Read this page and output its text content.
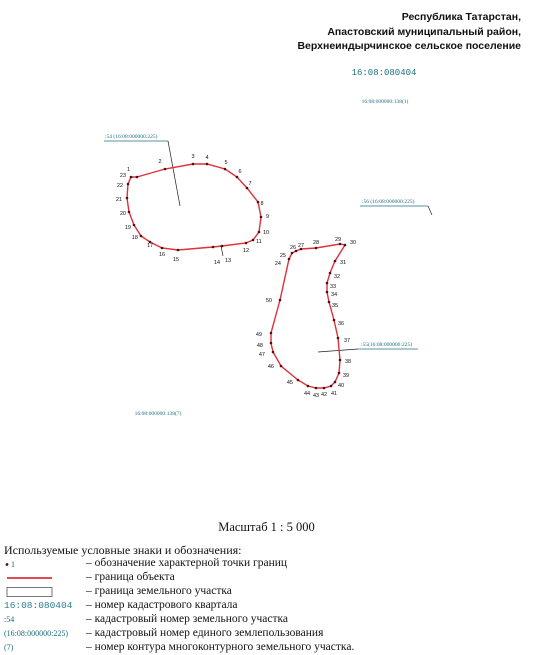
Республика Татарстан,
Апастовский муниципальный район,
Верхнеиндырчинское сельское поселение
16:08:080404
16:08:000000:138(1)
16:08:000000:138(7)
:54 (16:08:000000:225)
:56 (16:08:000000:225)
:55(16:08:000000:225)
1
2
3 4
5
6
7
8
9
10
11
12
13
14
15
16
17
18
19
20
21
22
23
24
25
26 27 28	29 30
31
32
33
34
35
36
37
38
39
40
41
42
43
44
45
46
47
48
49
50
Масштаб 1 : 5 000
Используемые условные знаки и обозначения:
1	– обозначение характерной точки границ
– граница объекта
– граница земельного участка
16:08:080404	– номер кадастрового квартала
:54	– кадастровый номер земельного участка
(16:08:000000:225)	– кадастровый номер единого землепользования
(7)	– номер контура многоконтурного земельного участка.
